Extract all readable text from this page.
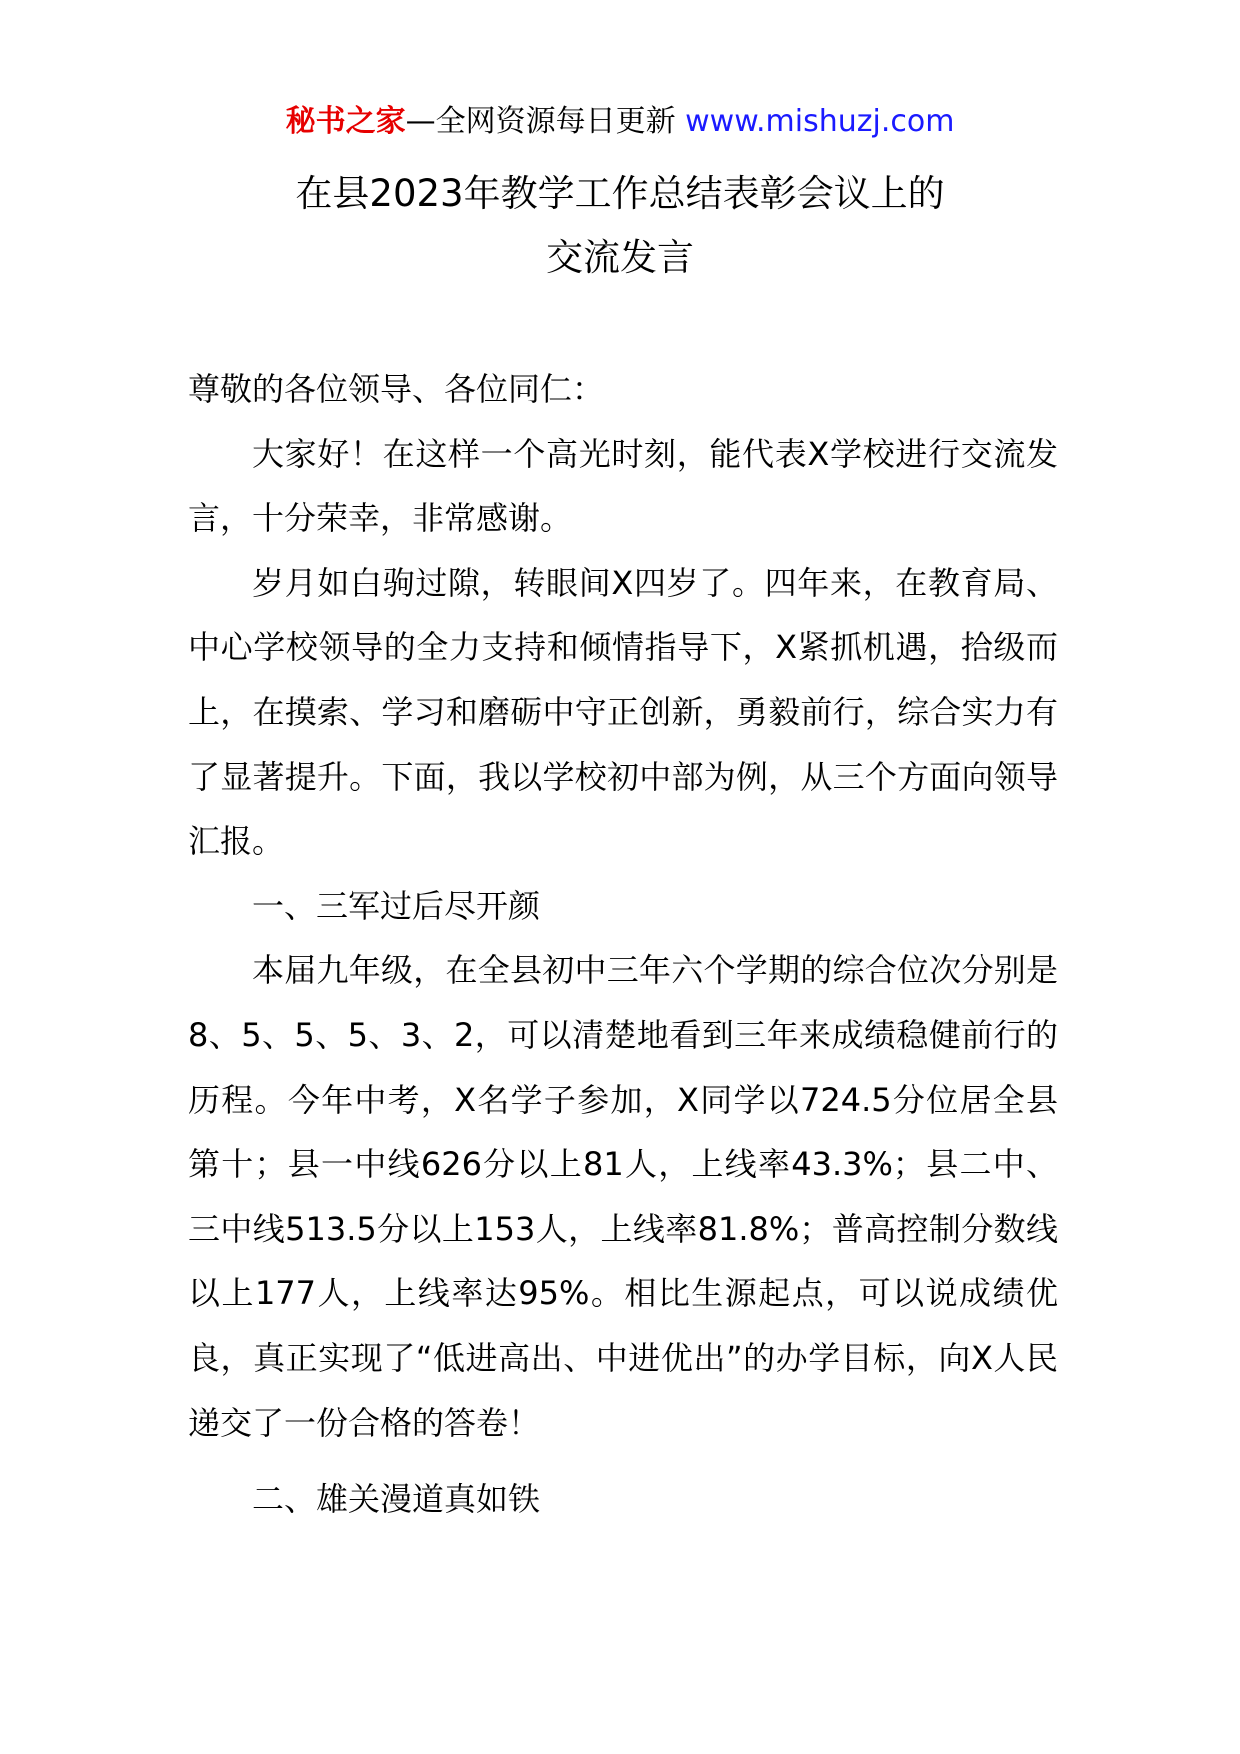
秘书之家—全网资源每日更新 www.mishuzj.com
在县2023年教学工作总结表彰会议上的
交流发言

尊敬的各位领导、各位同仁：

大家好！在这样一个高光时刻，能代表X学校进行交流发言，十分荣幸，非常感谢。

岁月如白驹过隙，转眼间X四岁了。四年来，在教育局、中心学校领导的全力支持和倾情指导下，X紧抓机遇，拾级而上，在摸索、学习和磨砺中守正创新，勇毅前行，综合实力有了显著提升。下面，我以学校初中部为例，从三个方面向领导汇报。

一、三军过后尽开颜

本届九年级，在全县初中三年六个学期的综合位次分别是8、5、5、5、3、2，可以清楚地看到三年来成绩稳健前行的历程。今年中考，X名学子参加，X同学以724.5分位居全县第十；县一中线626分以上81人，上线率43.3%；县二中、三中线513.5分以上153人，上线率81.8%；普高控制分数线以上177人，上线率达95%。相比生源起点，可以说成绩优良，真正实现了“低进高出、中进优出”的办学目标，向X人民递交了一份合格的答卷！

二、雄关漫道真如铁
